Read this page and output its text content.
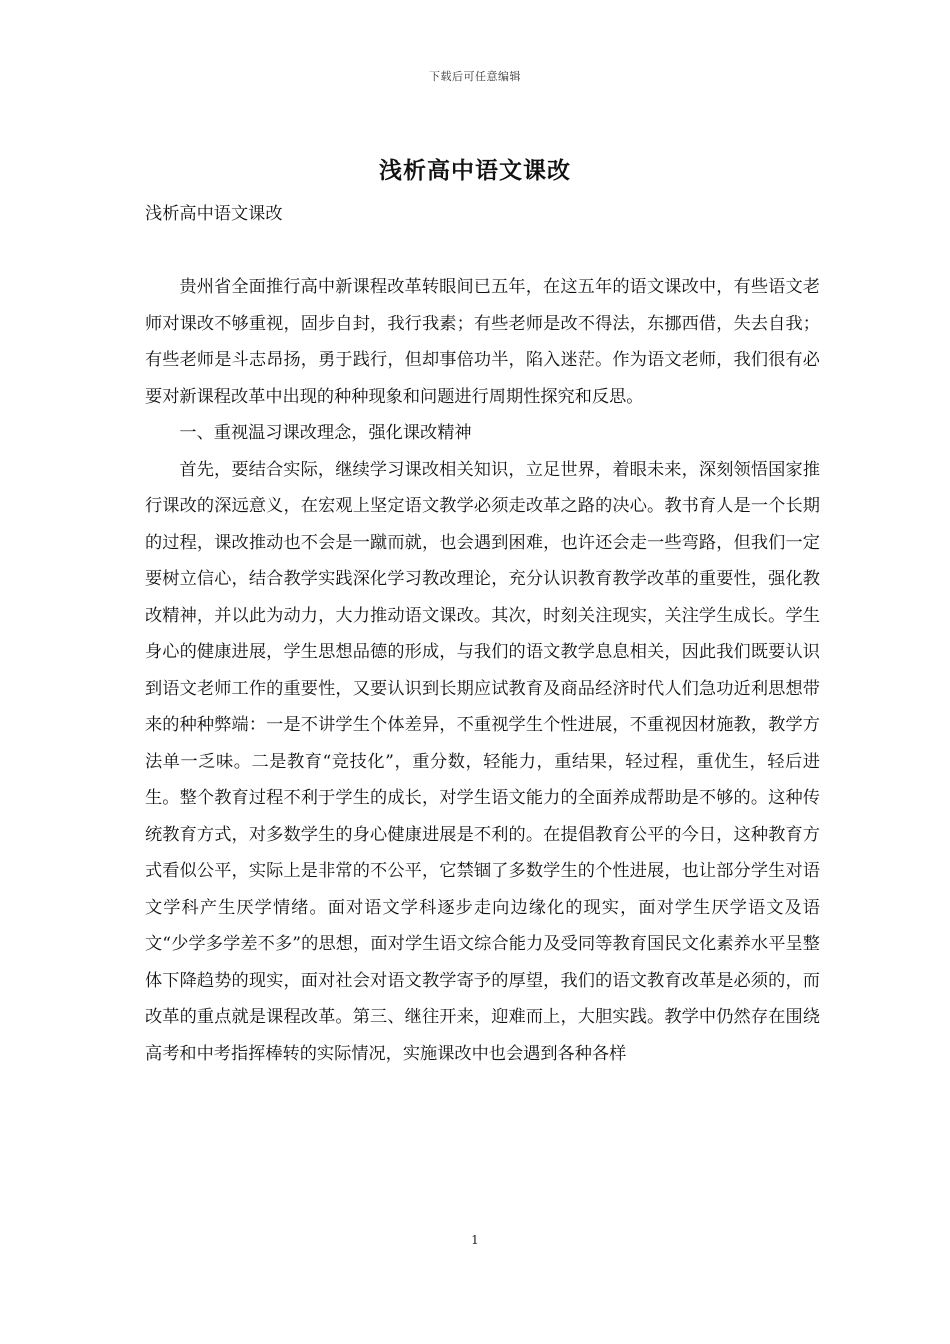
下载后可任意编辑
浅析高中语文课改

浅析高中语文课改

贵州省全面推行高中新课程改革转眼间已五年，在这五年的语文课改中，有些语文老师对课改不够重视，固步自封，我行我素；有些老师是改不得法，东挪西借，失去自我；有些老师是斗志昂扬，勇于践行，但却事倍功半，陷入迷茫。作为语文老师，我们很有必要对新课程改革中出现的种种现象和问题进行周期性探究和反思。

一、重视温习课改理念，强化课改精神

首先，要结合实际，继续学习课改相关知识，立足世界，着眼未来，深刻领悟国家推行课改的深远意义，在宏观上坚定语文教学必须走改革之路的决心。教书育人是一个长期的过程，课改推动也不会是一蹴而就，也会遇到困难，也许还会走一些弯路，但我们一定要树立信心，结合教学实践深化学习教改理论，充分认识教育教学改革的重要性，强化教改精神，并以此为动力，大力推动语文课改。其次，时刻关注现实，关注学生成长。学生身心的健康进展，学生思想品德的形成，与我们的语文教学息息相关，因此我们既要认识到语文老师工作的重要性，又要认识到长期应试教育及商品经济时代人们急功近利思想带来的种种弊端：一是不讲学生个体差异，不重视学生个性进展，不重视因材施教，教学方法单一乏味。二是教育“竞技化”，重分数，轻能力，重结果，轻过程，重优生，轻后进生。整个教育过程不利于学生的成长，对学生语文能力的全面养成帮助是不够的。这种传统教育方式，对多数学生的身心健康进展是不利的。在提倡教育公平的今日，这种教育方式看似公平，实际上是非常的不公平，它禁锢了多数学生的个性进展，也让部分学生对语文学科产生厌学情绪。面对语文学科逐步走向边缘化的现实，面对学生厌学语文及语文“少学多学差不多”的思想，面对学生语文综合能力及受同等教育国民文化素养水平呈整体下降趋势的现实，面对社会对语文教学寄予的厚望，我们的语文教育改革是必须的，而改革的重点就是课程改革。第三、继往开来，迎难而上，大胆实践。教学中仍然存在围绕高考和中考指挥棒转的实际情况，实施课改中也会遇到各种各样

1
